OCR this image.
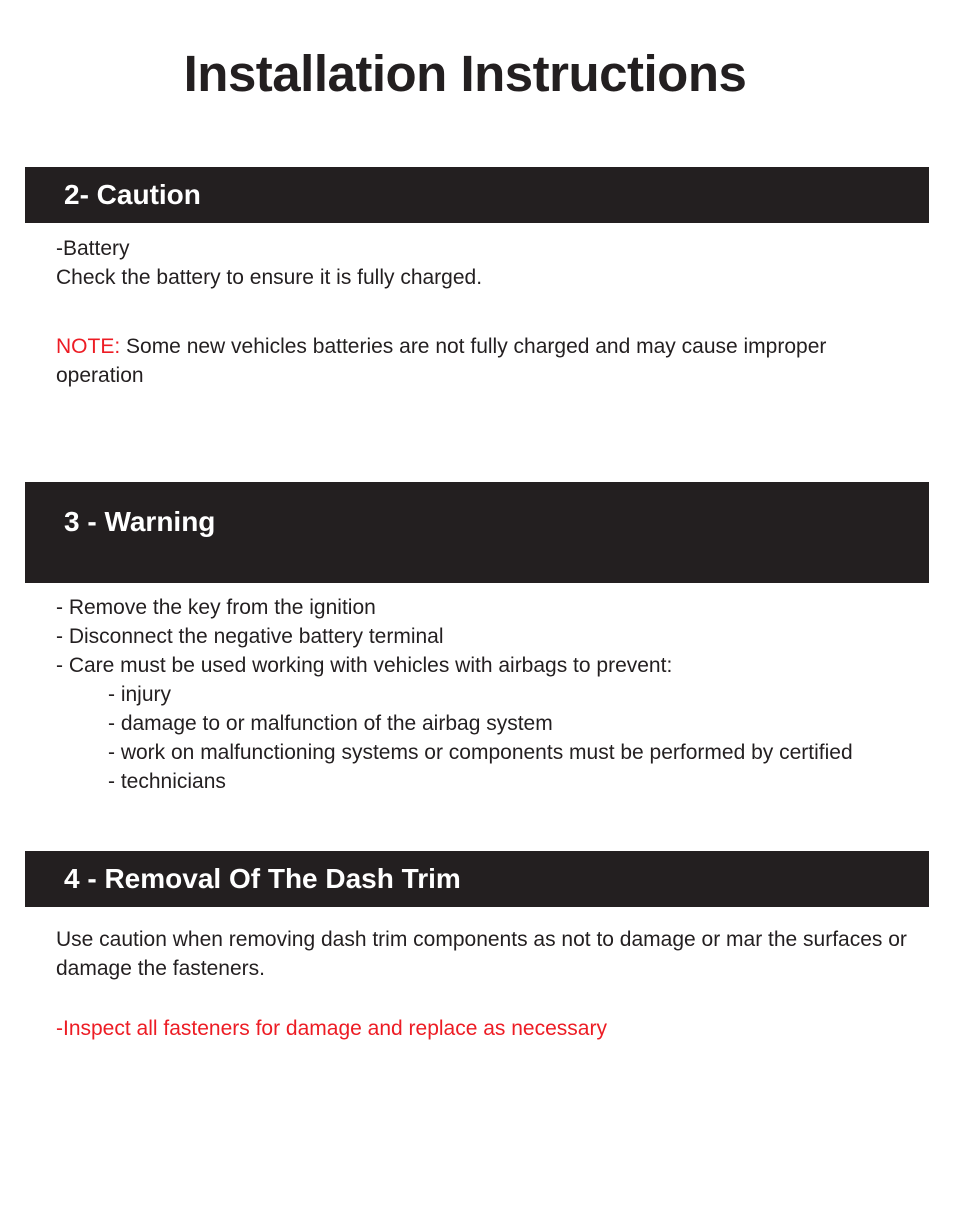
Installation Instructions
2- Caution
-Battery
Check the battery to ensure it is fully charged.
NOTE: Some new vehicles batteries are not fully charged and may cause improper operation
3 - Warning
- Remove the key from the ignition
- Disconnect the negative battery terminal
- Care must be used working with vehicles with airbags to prevent:
- injury
- damage to or malfunction of the airbag system
- work on malfunctioning systems or components must be performed by certified
- technicians
4 - Removal Of The Dash Trim
Use caution when removing dash trim components as not to damage or mar the surfaces or damage the fasteners.
-Inspect all fasteners for damage and replace as necessary
